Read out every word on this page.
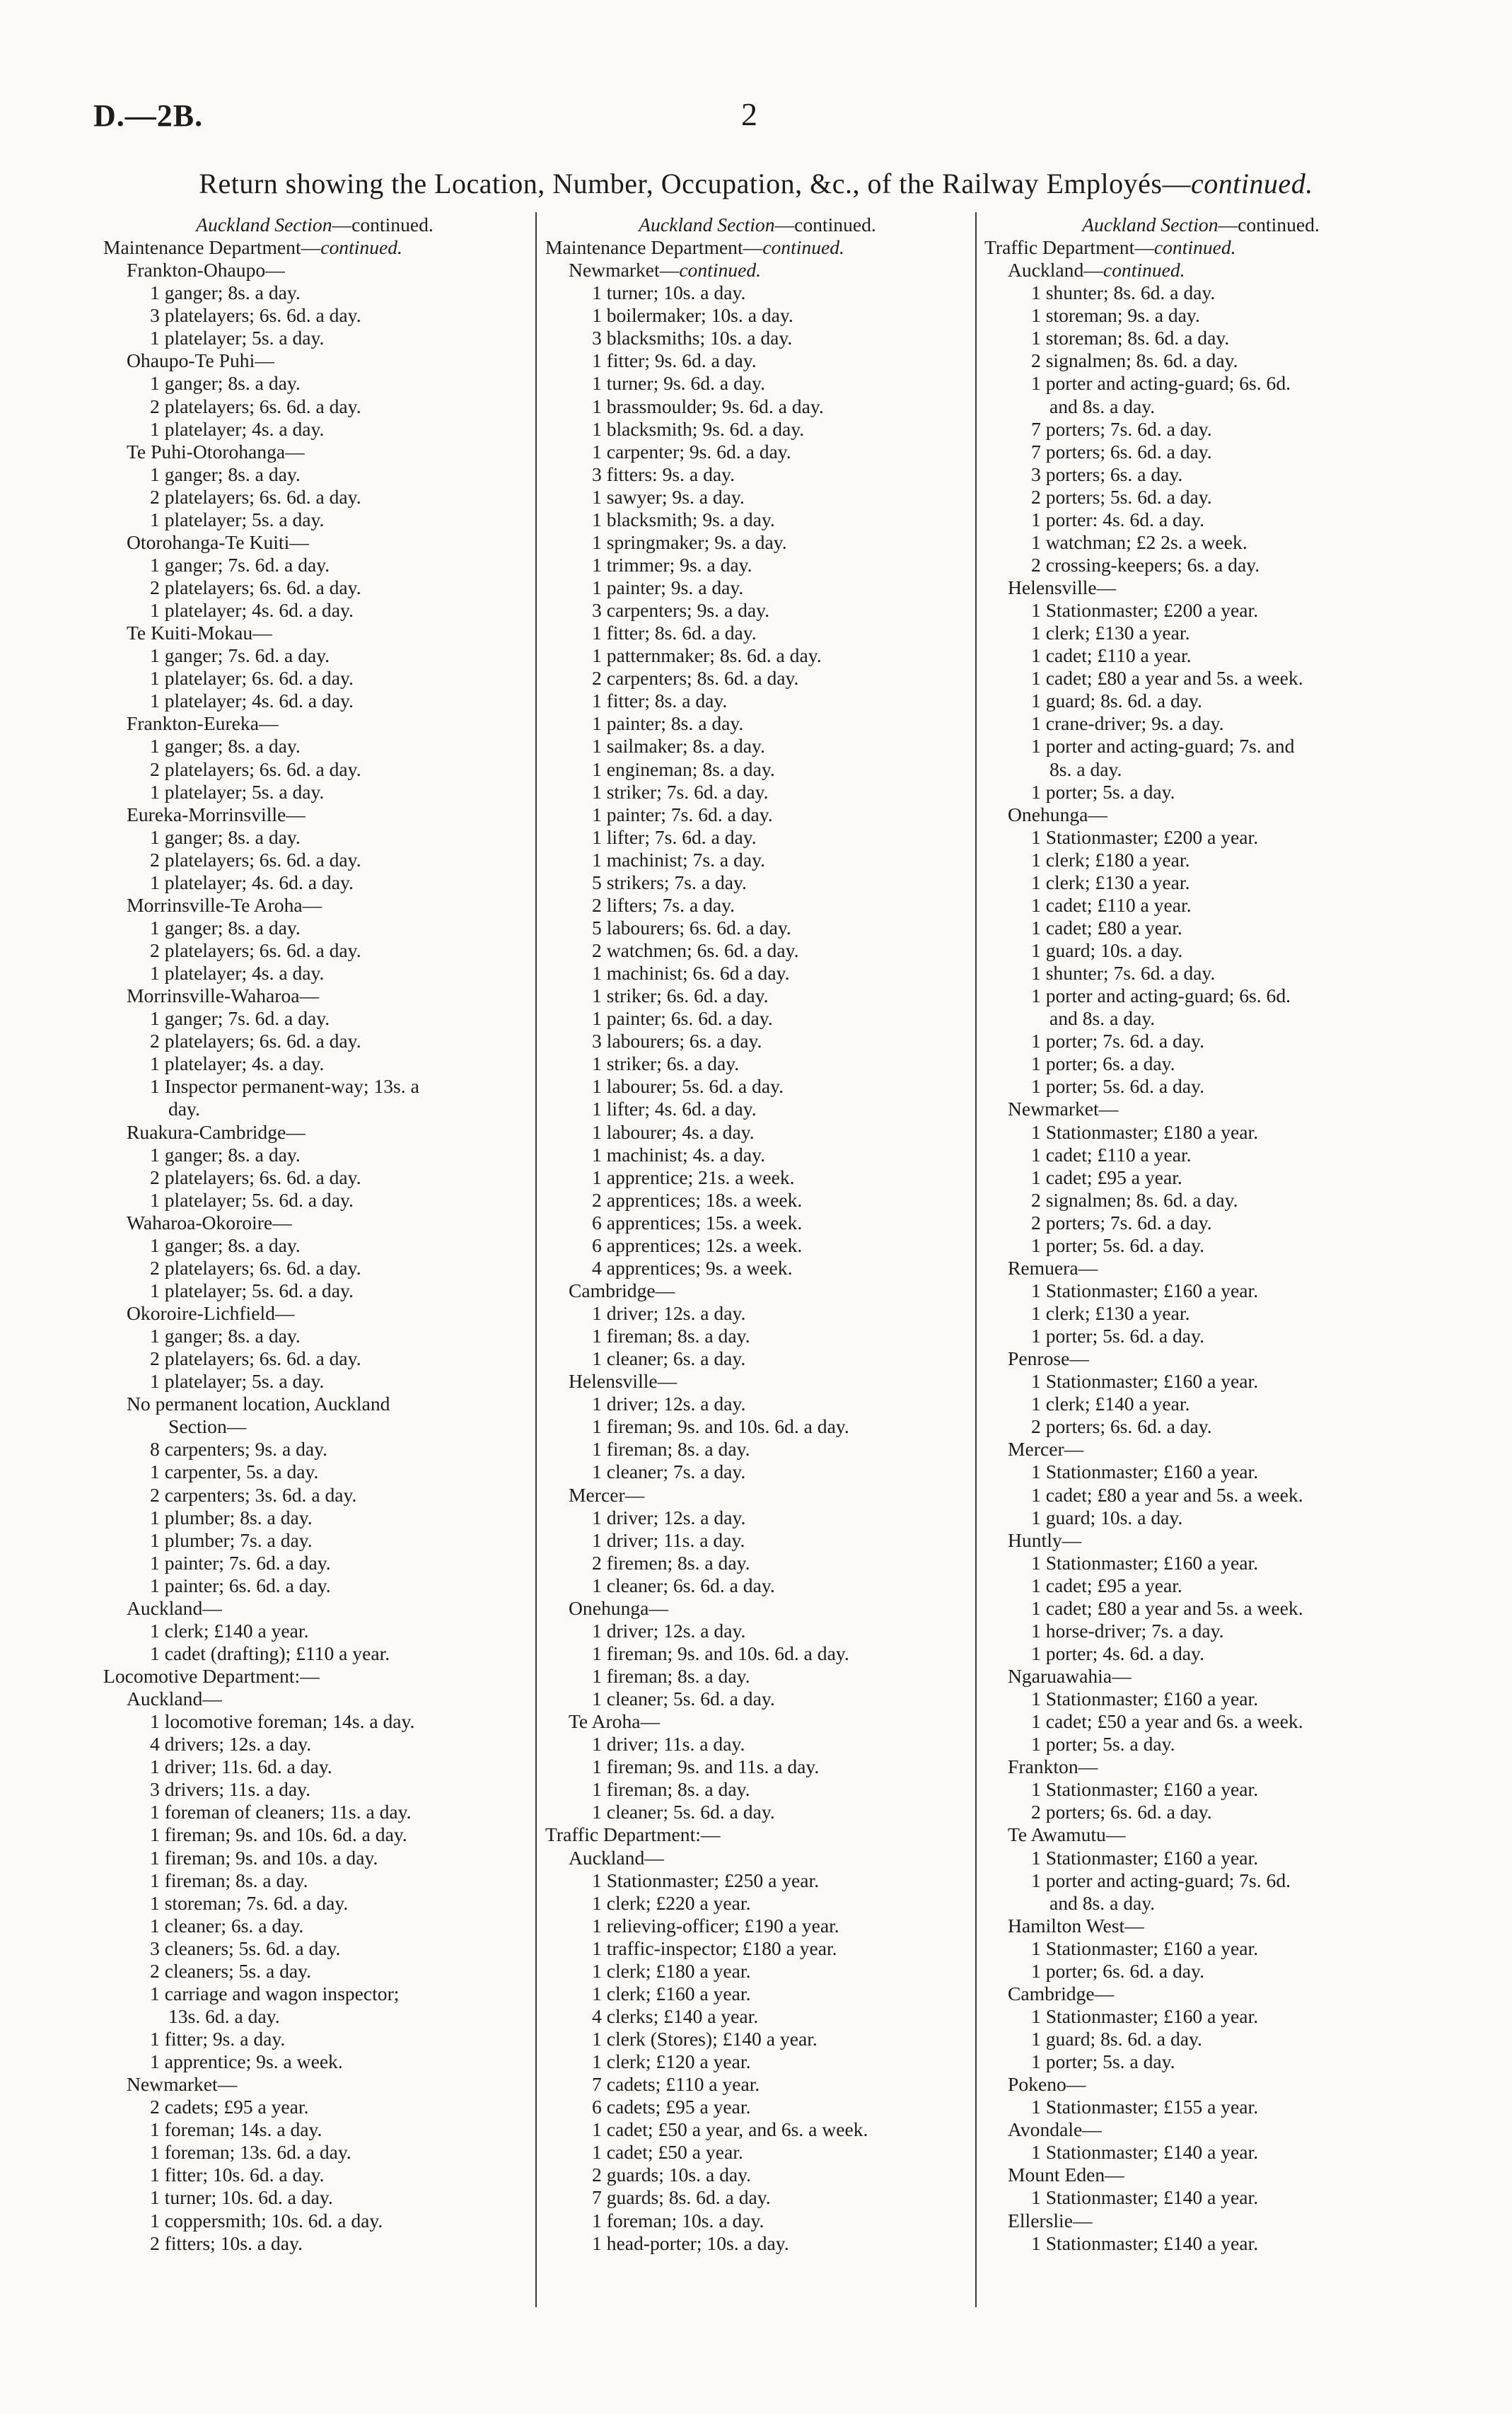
D.—2B.	2
Return showing the Location, Number, Occupation, &c., of the Railway Employés—continued.
Auckland Section—continued.
Maintenance Department—continued.
Frankton-Ohaupo—
1 ganger; 8s. a day.
3 platelayers; 6s. 6d. a day.
1 platelayer; 5s. a day.
Ohaupo-Te Puhi—
1 ganger; 8s. a day.
2 platelayers; 6s. 6d. a day.
1 platelayer; 4s. a day.
Te Puhi-Otorohanga—
1 ganger; 8s. a day.
2 platelayers; 6s. 6d. a day.
1 platelayer; 5s. a day.
Otorohanga-Te Kuiti—
1 ganger; 7s. 6d. a day.
2 platelayers; 6s. 6d. a day.
1 platelayer; 4s. 6d. a day.
Te Kuiti-Mokau—
1 ganger; 7s. 6d. a day.
1 platelayer; 6s. 6d. a day.
1 platelayer; 4s. 6d. a day.
Frankton-Eureka—
1 ganger; 8s. a day.
2 platelayers; 6s. 6d. a day.
1 platelayer; 5s. a day.
Eureka-Morrinsville—
1 ganger; 8s. a day.
2 platelayers; 6s. 6d. a day.
1 platelayer; 4s. 6d. a day.
Morrinsville-Te Aroha—
1 ganger; 8s. a day.
2 platelayers; 6s. 6d. a day.
1 platelayer; 4s. a day.
Morrinsville-Waharoa—
1 ganger; 7s. 6d. a day.
2 platelayers; 6s. 6d. a day.
1 platelayer; 4s. a day.
1 Inspector permanent-way; 13s. a
day.
Ruakura-Cambridge—
1 ganger; 8s. a day.
2 platelayers; 6s. 6d. a day.
1 platelayer; 5s. 6d. a day.
Waharoa-Okoroire—
1 ganger; 8s. a day.
2 platelayers; 6s. 6d. a day.
1 platelayer; 5s. 6d. a day.
Okoroire-Lichfield—
1 ganger; 8s. a day.
2 platelayers; 6s. 6d. a day.
1 platelayer; 5s. a day.
No permanent location, Auckland
Section—
8 carpenters; 9s. a day.
1 carpenter, 5s. a day.
2 carpenters; 3s. 6d. a day.
1 plumber; 8s. a day.
1 plumber; 7s. a day.
1 painter; 7s. 6d. a day.
1 painter; 6s. 6d. a day.
Auckland—
1 clerk; £140 a year.
1 cadet (drafting); £110 a year.
Locomotive Department:—
Auckland—
1 locomotive foreman; 14s. a day.
4 drivers; 12s. a day.
1 driver; 11s. 6d. a day.
3 drivers; 11s. a day.
1 foreman of cleaners; 11s. a day.
1 fireman; 9s. and 10s. 6d. a day.
1 fireman; 9s. and 10s. a day.
1 fireman; 8s. a day.
1 storeman; 7s. 6d. a day.
1 cleaner; 6s. a day.
3 cleaners; 5s. 6d. a day.
2 cleaners; 5s. a day.
1 carriage and wagon inspector;
13s. 6d. a day.
1 fitter; 9s. a day.
1 apprentice; 9s. a week.
Newmarket—
2 cadets; £95 a year.
1 foreman; 14s. a day.
1 foreman; 13s. 6d. a day.
1 fitter; 10s. 6d. a day.
1 turner; 10s. 6d. a day.
1 coppersmith; 10s. 6d. a day.
2 fitters; 10s. a day.
Auckland Section—continued.
Maintenance Department—continued.
Newmarket—continued.
1 turner; 10s. a day.
1 boilermaker; 10s. a day.
3 blacksmiths; 10s. a day.
1 fitter; 9s. 6d. a day.
1 turner; 9s. 6d. a day.
1 brassmoulder; 9s. 6d. a day.
1 blacksmith; 9s. 6d. a day.
1 carpenter; 9s. 6d. a day.
3 fitters: 9s. a day.
1 sawyer; 9s. a day.
1 blacksmith; 9s. a day.
1 springmaker; 9s. a day.
1 trimmer; 9s. a day.
1 painter; 9s. a day.
3 carpenters; 9s. a day.
1 fitter; 8s. 6d. a day.
1 patternmaker; 8s. 6d. a day.
2 carpenters; 8s. 6d. a day.
1 fitter; 8s. a day.
1 painter; 8s. a day.
1 sailmaker; 8s. a day.
1 engineman; 8s. a day.
1 striker; 7s. 6d. a day.
1 painter; 7s. 6d. a day.
1 lifter; 7s. 6d. a day.
1 machinist; 7s. a day.
5 strikers; 7s. a day.
2 lifters; 7s. a day.
5 labourers; 6s. 6d. a day.
2 watchmen; 6s. 6d. a day.
1 machinist; 6s. 6d a day.
1 striker; 6s. 6d. a day.
1 painter; 6s. 6d. a day.
3 labourers; 6s. a day.
1 striker; 6s. a day.
1 labourer; 5s. 6d. a day.
1 lifter; 4s. 6d. a day.
1 labourer; 4s. a day.
1 machinist; 4s. a day.
1 apprentice; 21s. a week.
2 apprentices; 18s. a week.
6 apprentices; 15s. a week.
6 apprentices; 12s. a week.
4 apprentices; 9s. a week.
Cambridge—
1 driver; 12s. a day.
1 fireman; 8s. a day.
1 cleaner; 6s. a day.
Helensville—
1 driver; 12s. a day.
1 fireman; 9s. and 10s. 6d. a day.
1 fireman; 8s. a day.
1 cleaner; 7s. a day.
Mercer—
1 driver; 12s. a day.
1 driver; 11s. a day.
2 firemen; 8s. a day.
1 cleaner; 6s. 6d. a day.
Onehunga—
1 driver; 12s. a day.
1 fireman; 9s. and 10s. 6d. a day.
1 fireman; 8s. a day.
1 cleaner; 5s. 6d. a day.
Te Aroha—
1 driver; 11s. a day.
1 fireman; 9s. and 11s. a day.
1 fireman; 8s. a day.
1 cleaner; 5s. 6d. a day.
Traffic Department:—
Auckland—
1 Stationmaster; £250 a year.
1 clerk; £220 a year.
1 relieving-officer; £190 a year.
1 traffic-inspector; £180 a year.
1 clerk; £180 a year.
1 clerk; £160 a year.
4 clerks; £140 a year.
1 clerk (Stores); £140 a year.
1 clerk; £120 a year.
7 cadets; £110 a year.
6 cadets; £95 a year.
1 cadet; £50 a year, and 6s. a week.
1 cadet; £50 a year.
2 guards; 10s. a day.
7 guards; 8s. 6d. a day.
1 foreman; 10s. a day.
1 head-porter; 10s. a day.
Auckland Section—continued.
Traffic Department—continued.
Auckland—continued.
1 shunter; 8s. 6d. a day.
1 storeman; 9s. a day.
1 storeman; 8s. 6d. a day.
2 signalmen; 8s. 6d. a day.
1 porter and acting-guard; 6s. 6d.
and 8s. a day.
7 porters; 7s. 6d. a day.
7 porters; 6s. 6d. a day.
3 porters; 6s. a day.
2 porters; 5s. 6d. a day.
1 porter: 4s. 6d. a day.
1 watchman; £2 2s. a week.
2 crossing-keepers; 6s. a day.
Helensville—
1 Stationmaster; £200 a year.
1 clerk; £130 a year.
1 cadet; £110 a year.
1 cadet; £80 a year and 5s. a week.
1 guard; 8s. 6d. a day.
1 crane-driver; 9s. a day.
1 porter and acting-guard; 7s. and
8s. a day.
1 porter; 5s. a day.
Onehunga—
1 Stationmaster; £200 a year.
1 clerk; £180 a year.
1 clerk; £130 a year.
1 cadet; £110 a year.
1 cadet; £80 a year.
1 guard; 10s. a day.
1 shunter; 7s. 6d. a day.
1 porter and acting-guard; 6s. 6d.
and 8s. a day.
1 porter; 7s. 6d. a day.
1 porter; 6s. a day.
1 porter; 5s. 6d. a day.
Newmarket—
1 Stationmaster; £180 a year.
1 cadet; £110 a year.
1 cadet; £95 a year.
2 signalmen; 8s. 6d. a day.
2 porters; 7s. 6d. a day.
1 porter; 5s. 6d. a day.
Remuera—
1 Stationmaster; £160 a year.
1 clerk; £130 a year.
1 porter; 5s. 6d. a day.
Penrose—
1 Stationmaster; £160 a year.
1 clerk; £140 a year.
2 porters; 6s. 6d. a day.
Mercer—
1 Stationmaster; £160 a year.
1 cadet; £80 a year and 5s. a week.
1 guard; 10s. a day.
Huntly—
1 Stationmaster; £160 a year.
1 cadet; £95 a year.
1 cadet; £80 a year and 5s. a week.
1 horse-driver; 7s. a day.
1 porter; 4s. 6d. a day.
Ngaruawahia—
1 Stationmaster; £160 a year.
1 cadet; £50 a year and 6s. a week.
1 porter; 5s. a day.
Frankton—
1 Stationmaster; £160 a year.
2 porters; 6s. 6d. a day.
Te Awamutu—
1 Stationmaster; £160 a year.
1 porter and acting-guard; 7s. 6d.
and 8s. a day.
Hamilton West—
1 Stationmaster; £160 a year.
1 porter; 6s. 6d. a day.
Cambridge—
1 Stationmaster; £160 a year.
1 guard; 8s. 6d. a day.
1 porter; 5s. a day.
Pokeno—
1 Stationmaster; £155 a year.
Avondale—
1 Stationmaster; £140 a year.
Mount Eden—
1 Stationmaster; £140 a year.
Ellerslie—
1 Stationmaster; £140 a year.
